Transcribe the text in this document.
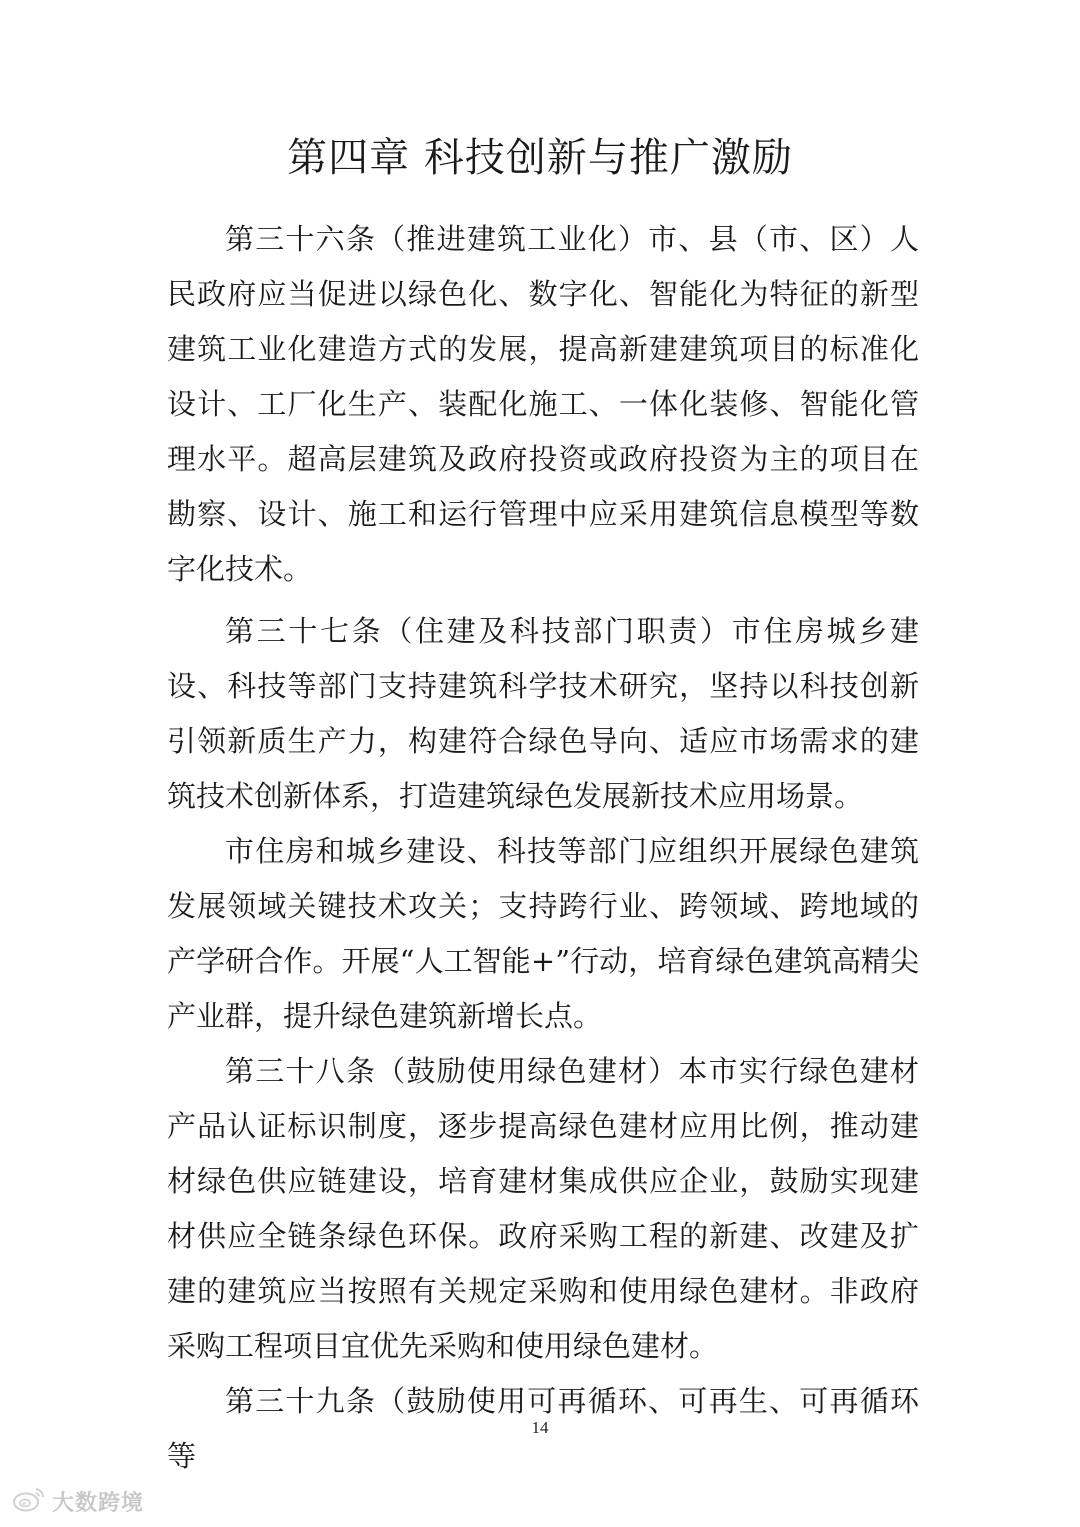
第四章 科技创新与推广激励

第三十六条（推进建筑工业化）市、县（市、区）人民政府应当促进以绿色化、数字化、智能化为特征的新型建筑工业化建造方式的发展，提高新建建筑项目的标准化设计、工厂化生产、装配化施工、一体化装修、智能化管理水平。超高层建筑及政府投资或政府投资为主的项目在勘察、设计、施工和运行管理中应采用建筑信息模型等数字化技术。

第三十七条（住建及科技部门职责）市住房城乡建设、科技等部门支持建筑科学技术研究，坚持以科技创新引领新质生产力，构建符合绿色导向、适应市场需求的建筑技术创新体系，打造建筑绿色发展新技术应用场景。

市住房和城乡建设、科技等部门应组织开展绿色建筑发展领域关键技术攻关；支持跨行业、跨领域、跨地域的产学研合作。开展“人工智能+”行动，培育绿色建筑高精尖产业群，提升绿色建筑新增长点。

第三十八条（鼓励使用绿色建材）本市实行绿色建材产品认证标识制度，逐步提高绿色建材应用比例，推动建材绿色供应链建设，培育建材集成供应企业，鼓励实现建材供应全链条绿色环保。政府采购工程的新建、改建及扩建的建筑应当按照有关规定采购和使用绿色建材。非政府采购工程项目宜优先采购和使用绿色建材。

第三十九条（鼓励使用可再循环、可再生、可再循环等

14
大数跨境
